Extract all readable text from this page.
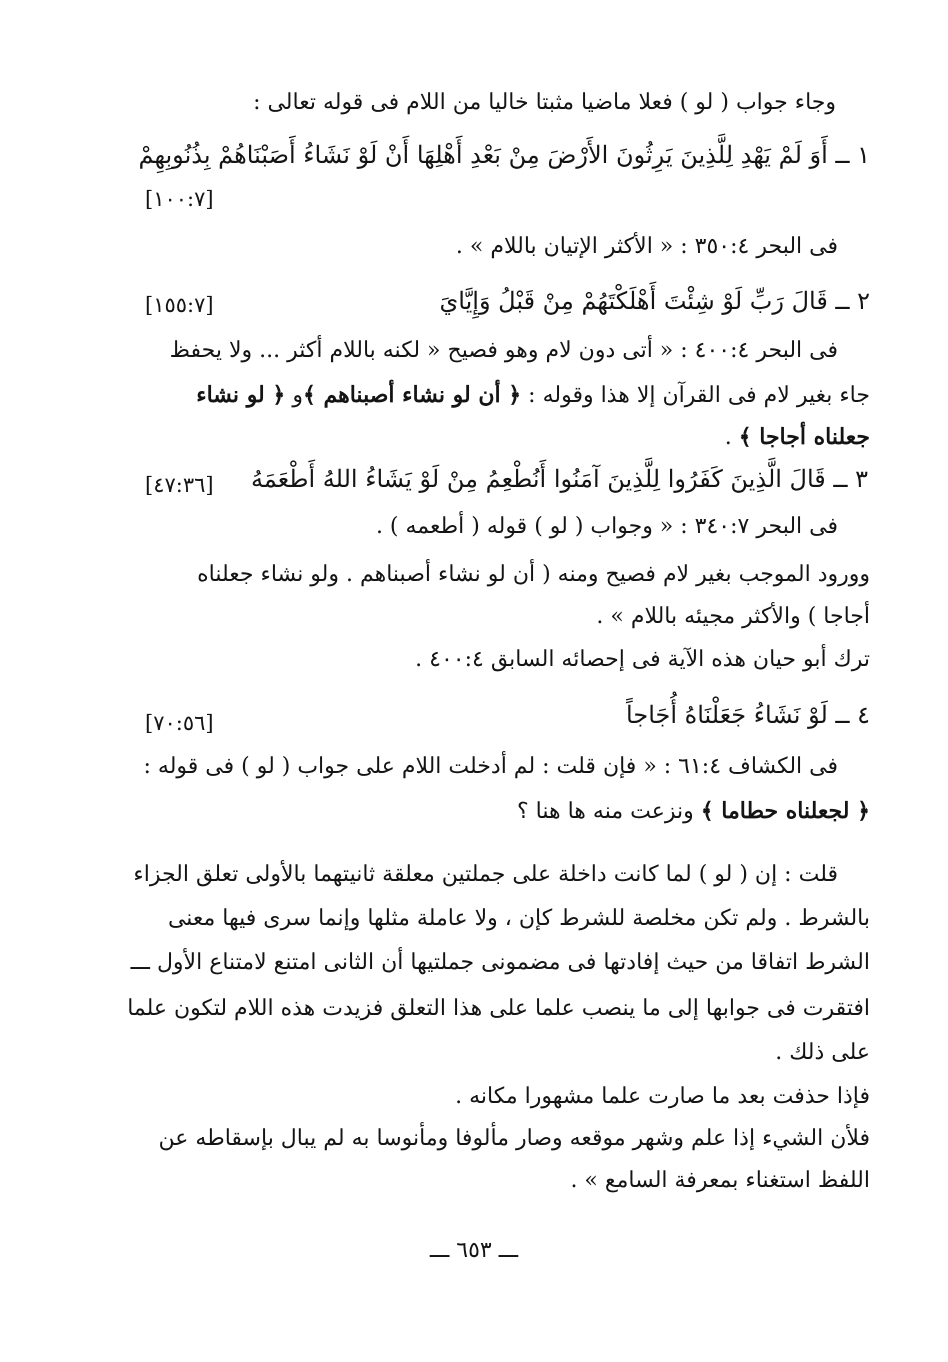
وجاء جواب ( لو ) فعلا ماضيا مثبتا خاليا من اللام فى قوله تعالى :
١ ــ أَوَ لَمْ يَهْدِ لِلَّذِينَ يَرِثُونَ الأَرْضَ مِنْ بَعْدِ أَهْلِهَا أَنْ لَوْ نَشَاءُ أَصَبْنَاهُمْ بِذُنُوبِهِمْ
[١٠٠:٧]
فى البحر ٣٥٠:٤ : « الأكثر الإتيان باللام » .
٢ ــ قَالَ رَبِّ لَوْ شِئْتَ أَهْلَكْتَهُمْ مِنْ قَبْلُ وَإِيَّايَ
[١٥٥:٧]
فى البحر ٤٠٠:٤ : « أتى دون لام وهو فصيح « لكنه باللام أكثر ... ولا يحفظ
جاء بغير لام فى القرآن إلا هذا وقوله : ﴿ أن لو نشاء أصبناهم ﴾و ﴿ لو نشاء
جعلناه أجاجا ﴾ .
٣ ــ قَالَ الَّذِينَ كَفَرُوا لِلَّذِينَ آمَنُوا أَنُطْعِمُ مِنْ لَوْ يَشَاءُ اللهُ أَطْعَمَهُ
[٤٧:٣٦]
فى البحر ٣٤٠:٧ : « وجواب ( لو ) قوله ( أطعمه ) .
وورود الموجب بغير لام فصيح ومنه ( أن لو نشاء أصبناهم . ولو نشاء جعلناه
أجاجا ) والأكثر مجيئه باللام » .
ترك أبو حيان هذه الآية فى إحصائه السابق ٤٠٠:٤ .
٤ ــ لَوْ نَشَاءُ جَعَلْنَاهُ أُجَاجاً
[٧٠:٥٦]
فى الكشاف ٦١:٤ : « فإن قلت : لم أدخلت اللام على جواب ( لو ) فى قوله :
﴿ لجعلناه حطاما ﴾ ونزعت منه ها هنا ؟
قلت : إن ( لو ) لما كانت داخلة على جملتين معلقة ثانيتهما بالأولى تعلق الجزاء
بالشرط . ولم تكن مخلصة للشرط كإن ، ولا عاملة مثلها وإنما سرى فيها معنى
الشرط اتفاقا من حيث إفادتها فى مضمونى جملتيها أن الثانى امتنع لامتناع الأول ـــ
افتقرت فى جوابها إلى ما ينصب علما على هذا التعلق فزيدت هذه اللام لتكون علما
على ذلك .
فإذا حذفت بعد ما صارت علما مشهورا مكانه .
فلأن الشيء إذا علم وشهر موقعه وصار مألوفا ومأنوسا به لم يبال بإسقاطه عن
اللفظ استغناء بمعرفة السامع » .
ـــ ٦٥٣ ـــ
